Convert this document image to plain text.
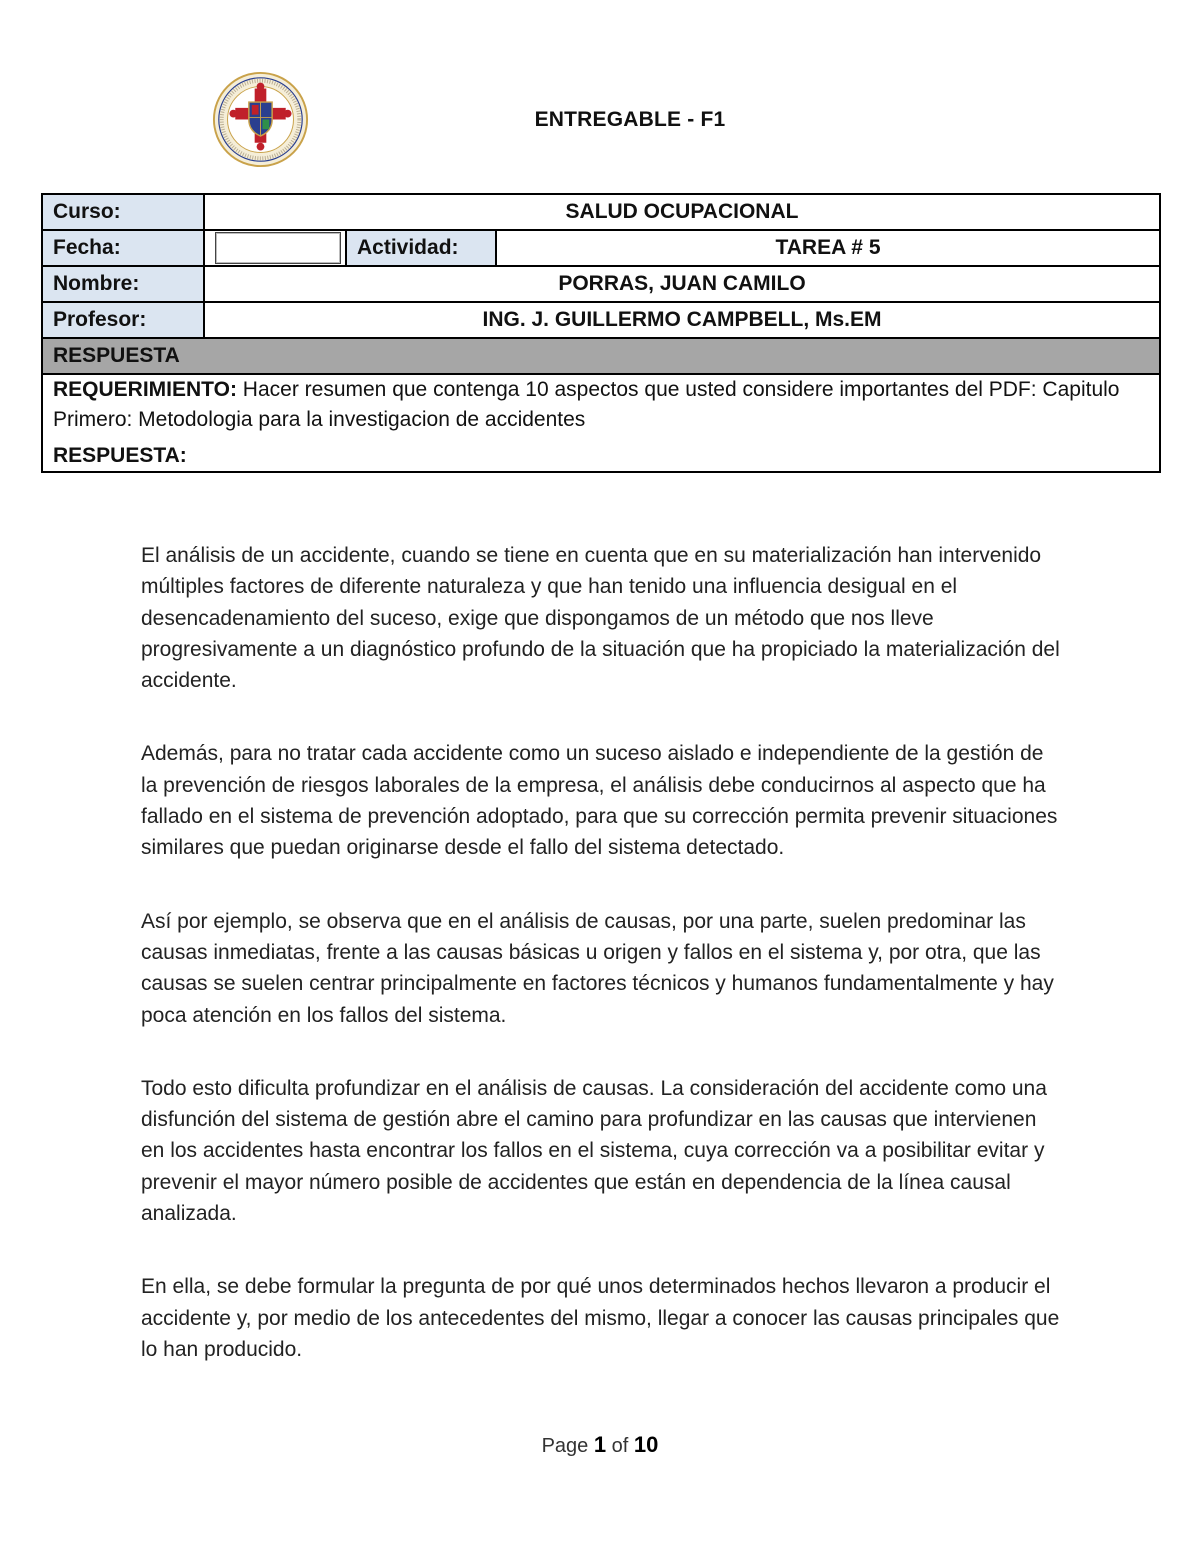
ENTREGABLE - F1
Curso:	SALUD OCUPACIONAL		
Fecha:		Actividad:	TAREA # 5
Nombre:	PORRAS, JUAN CAMILO		
Profesor:	ING. J. GUILLERMO CAMPBELL, Ms.EM		
RESPUESTA			

REQUERIMIENTO: Hacer resumen que contenga 10 aspectos que usted considere importantes del PDF: Capitulo Primero: Metodologia para la investigacion de accidentes

RESPUESTA:			

El análisis de un accidente, cuando se tiene en cuenta que en su materialización han intervenido múltiples factores de diferente naturaleza y que han tenido una influencia desigual en el desencadenamiento del suceso, exige que dispongamos de un método que nos lleve progresivamente a un diagnóstico profundo de la situación que ha propiciado la materialización del accidente.

Además, para no tratar cada accidente como un suceso aislado e independiente de la gestión de la prevención de riesgos laborales de la empresa, el análisis debe conducirnos al aspecto que ha fallado en el sistema de prevención adoptado, para que su corrección permita prevenir situaciones similares que puedan originarse desde el fallo del sistema detectado.

Así por ejemplo, se observa que en el análisis de causas, por una parte, suelen predominar las causas inmediatas, frente a las causas básicas u origen y fallos en el sistema y, por otra, que las causas se suelen centrar principalmente en factores técnicos y humanos fundamentalmente y hay poca atención en los fallos del sistema.

Todo esto dificulta profundizar en el análisis de causas. La consideración del accidente como una disfunción del sistema de gestión abre el camino para profundizar en las causas que intervienen en los accidentes hasta encontrar los fallos en el sistema, cuya corrección va a posibilitar evitar y prevenir el mayor número posible de accidentes que están en dependencia de la línea causal analizada.

En ella, se debe formular la pregunta de por qué unos determinados hechos llevaron a producir el accidente y, por medio de los antecedentes del mismo, llegar a conocer las causas principales que lo han producido.

Page 1 of 10
